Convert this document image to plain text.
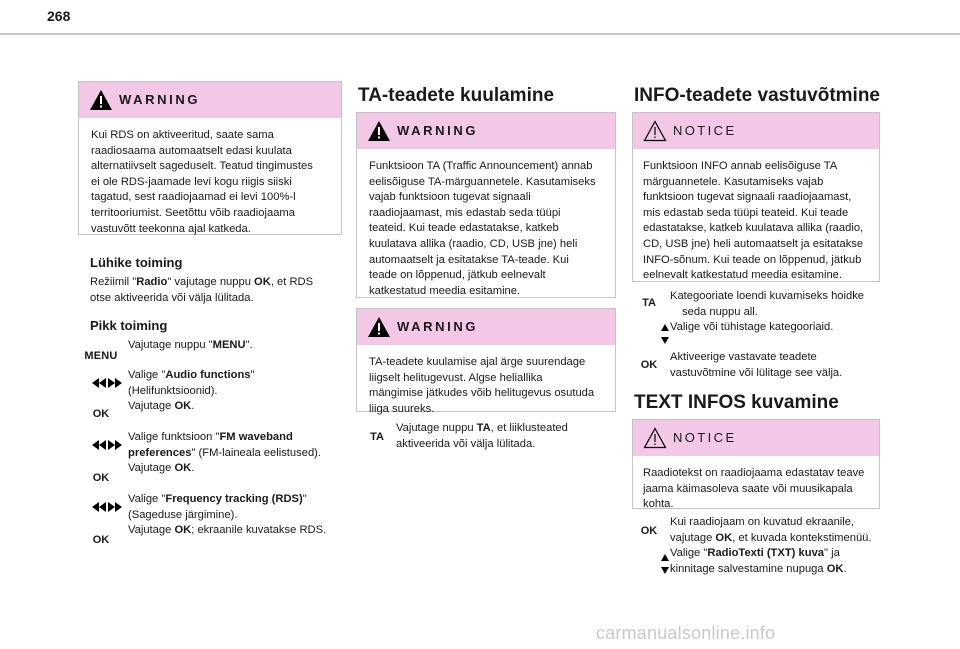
268
WARNING
Kui RDS on aktiveeritud, saate sama
raadiosaama automaatselt edasi kuulata
alternatiivselt sageduselt. Teatud tingimustes
ei ole RDS-jaamade levi kogu riigis siiski
tagatud, sest raadiojaamad ei levi 100%-l
territooriumist. Seetõttu võib raadiojaama
vastuvõtt teekonna ajal katkeda.
Lühike toiming
Režiimil "Radio" vajutage nuppu OK, et RDS
otse aktiveerida või välja lülitada.
Pikk toiming
MENU
Vajutage nuppu "MENU".
OK
Valige "Audio functions"
(Helifunktsioonid).
Vajutage OK.
OK
Valige funktsioon "FM waveband
preferences" (FM-laineala eelistused).
Vajutage OK.
OK
Valige "Frequency tracking (RDS)"
(Sageduse järgimine).
Vajutage OK; ekraanile kuvatakse RDS.
TA-teadete kuulamine
WARNING
Funktsioon TA (Traffic Announcement) annab
eelisõiguse TA-märguannetele. Kasutamiseks
vajab funktsioon tugevat signaali
raadiojaamast, mis edastab seda tüüpi
teateid. Kui teade edastatakse, katkeb
kuulatava allika (raadio, CD, USB jne) heli
automaatselt ja esitatakse TA-teade. Kui
teade on lõppenud, jätkub eelnevalt
katkestatud meedia esitamine.
WARNING
TA-teadete kuulamise ajal ärge suurendage
liigselt helitugevust. Algse heliallika
mängimise jätkudes võib helitugevus osutuda
liiga suureks.
TA
Vajutage nuppu TA, et liiklusteated
aktiveerida või välja lülitada.
INFO-teadete vastuvõtmine
NOTICE
Funktsioon INFO annab eelisõiguse TA
märguannetele. Kasutamiseks vajab
funktsioon tugevat signaali raadiojaamast,
mis edastab seda tüüpi teateid. Kui teade
edastatakse, katkeb kuulatava allika (raadio,
CD, USB jne) heli automaatselt ja esitatakse
INFO-sõnum. Kui teade on lõppenud, jätkub
eelnevalt katkestatud meedia esitamine.
TA
Kategooriate loendi kuvamiseks hoidke
seda nuppu all.
Valige või tühistage kategooriaid.
OK
Aktiveerige vastavate teadete
vastuvõtmine või lülitage see välja.
TEXT INFOS kuvamine
NOTICE
Raadiotekst on raadiojaama edastatav teave
jaama käimasoleva saate või muusikapala
kohta.
OK
Kui raadiojaam on kuvatud ekraanile,
vajutage OK, et kuvada kontekstimenüü.
Valige "RadioTexti (TXT) kuva" ja
kinnitage salvestamine nupuga OK.
carmanualsonline.info
